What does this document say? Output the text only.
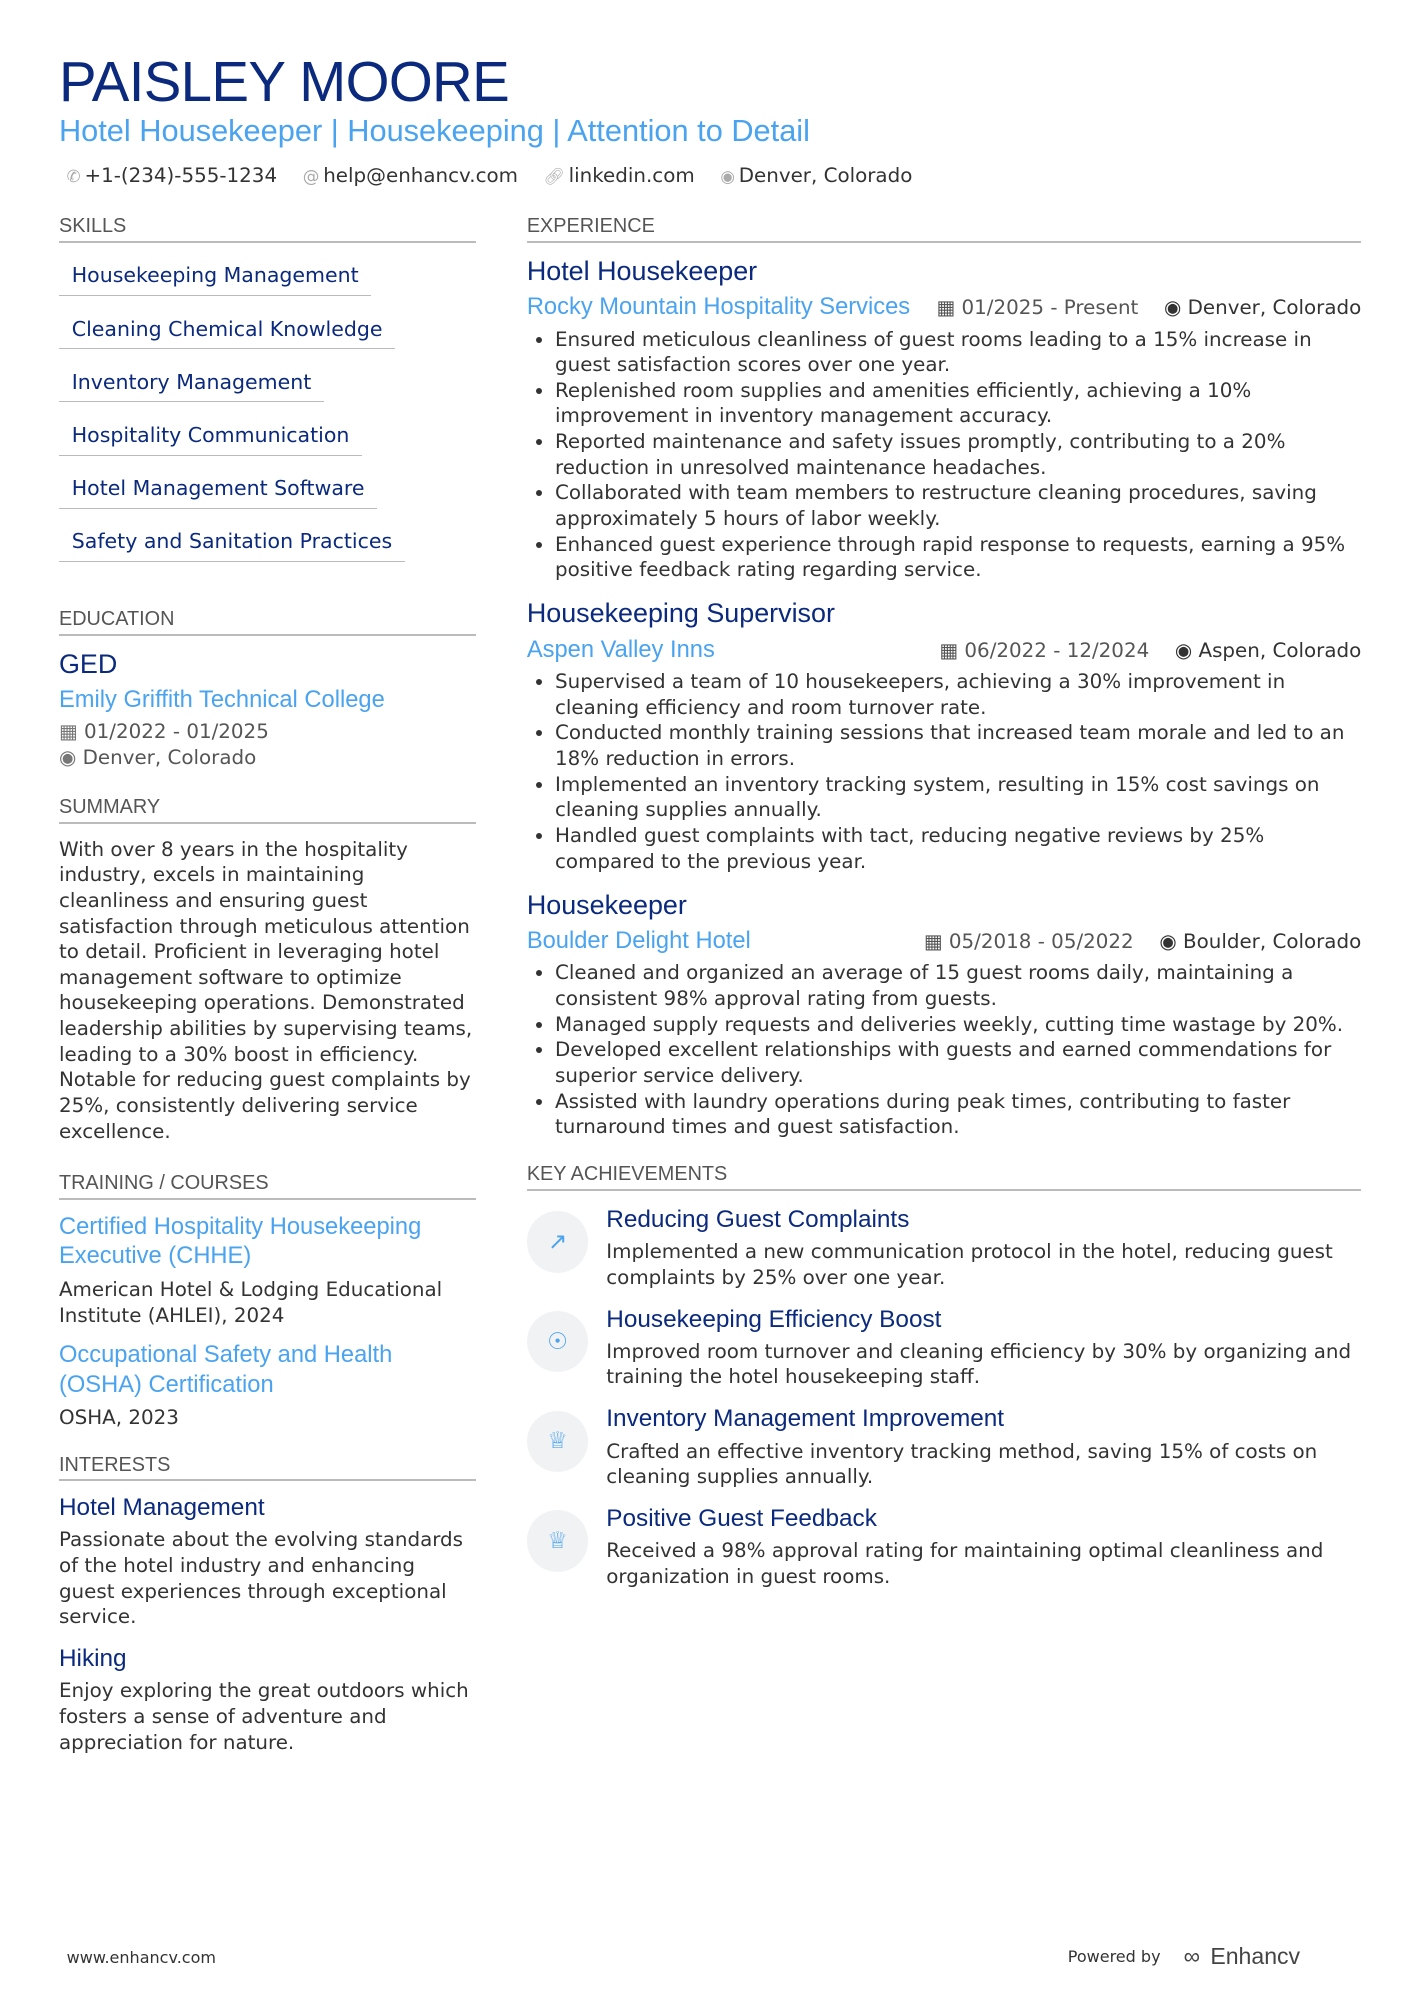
PAISLEY MOORE
Hotel Housekeeper | Housekeeping | Attention to Detail
✆ +1-(234)-555-1234 @ help@enhancv.com 🔗︎ linkedin.com ◉ Denver, Colorado
SKILLS
Housekeeping Management
Cleaning Chemical Knowledge
Inventory Management
Hospitality Communication
Hotel Management Software
Safety and Sanitation Practices
EDUCATION
GED
Emily Griffith Technical College
▦ 01/2022 - 01/2025
◉ Denver, Colorado
SUMMARY

With over 8 years in the hospitality industry, excels in maintaining cleanliness and ensuring guest satisfaction through meticulous attention to detail. Proficient in leveraging hotel management software to optimize housekeeping operations. Demonstrated leadership abilities by supervising teams, leading to a 30% boost in efficiency. Notable for reducing guest complaints by 25%, consistently delivering service excellence.

TRAINING / COURSES
Certified Hospitality Housekeeping Executive (CHHE)

American Hotel & Lodging Educational Institute (AHLEI), 2024

Occupational Safety and Health (OSHA) Certification

OSHA, 2023

INTERESTS
Hotel Management

Passionate about the evolving standards of the hotel industry and enhancing guest experiences through exceptional service.

Hiking

Enjoy exploring the great outdoors which fosters a sense of adventure and appreciation for nature.

EXPERIENCE
Hotel Housekeeper
Rocky Mountain Hospitality Services ▦ 01/2025 - Present ◉ Denver, Colorado
• Ensured meticulous cleanliness of guest rooms leading to a 15% increase in guest satisfaction scores over one year.
• Replenished room supplies and amenities efficiently, achieving a 10% improvement in inventory management accuracy.
• Reported maintenance and safety issues promptly, contributing to a 20% reduction in unresolved maintenance headaches.
• Collaborated with team members to restructure cleaning procedures, saving approximately 5 hours of labor weekly.
• Enhanced guest experience through rapid response to requests, earning a 95% positive feedback rating regarding service.
Housekeeping Supervisor
Aspen Valley Inns	▦ 06/2022 - 12/2024 ◉ Aspen, Colorado
• Supervised a team of 10 housekeepers, achieving a 30% improvement in cleaning efficiency and room turnover rate.
• Conducted monthly training sessions that increased team morale and led to an 18% reduction in errors.
• Implemented an inventory tracking system, resulting in 15% cost savings on cleaning supplies annually.
• Handled guest complaints with tact, reducing negative reviews by 25% compared to the previous year.
Housekeeper
Boulder Delight Hotel	▦ 05/2018 - 05/2022 ◉ Boulder, Colorado
• Cleaned and organized an average of 15 guest rooms daily, maintaining a consistent 98% approval rating from guests.
• Managed supply requests and deliveries weekly, cutting time wastage by 20%.
• Developed excellent relationships with guests and earned commendations for superior service delivery.
• Assisted with laundry operations during peak times, contributing to faster turnaround times and guest satisfaction.
KEY ACHIEVEMENTS
↗
Reducing Guest Complaints

Implemented a new communication protocol in the hotel, reducing guest complaints by 25% over one year.

☉
Housekeeping Efficiency Boost

Improved room turnover and cleaning efficiency by 30% by organizing and training the hotel housekeeping staff.

♕
Inventory Management Improvement

Crafted an effective inventory tracking method, saving 15% of costs on cleaning supplies annually.

♕
Positive Guest Feedback

Received a 98% approval rating for maintaining optimal cleanliness and organization in guest rooms.

www.enhancv.com	Powered by ∞ Enhancv
